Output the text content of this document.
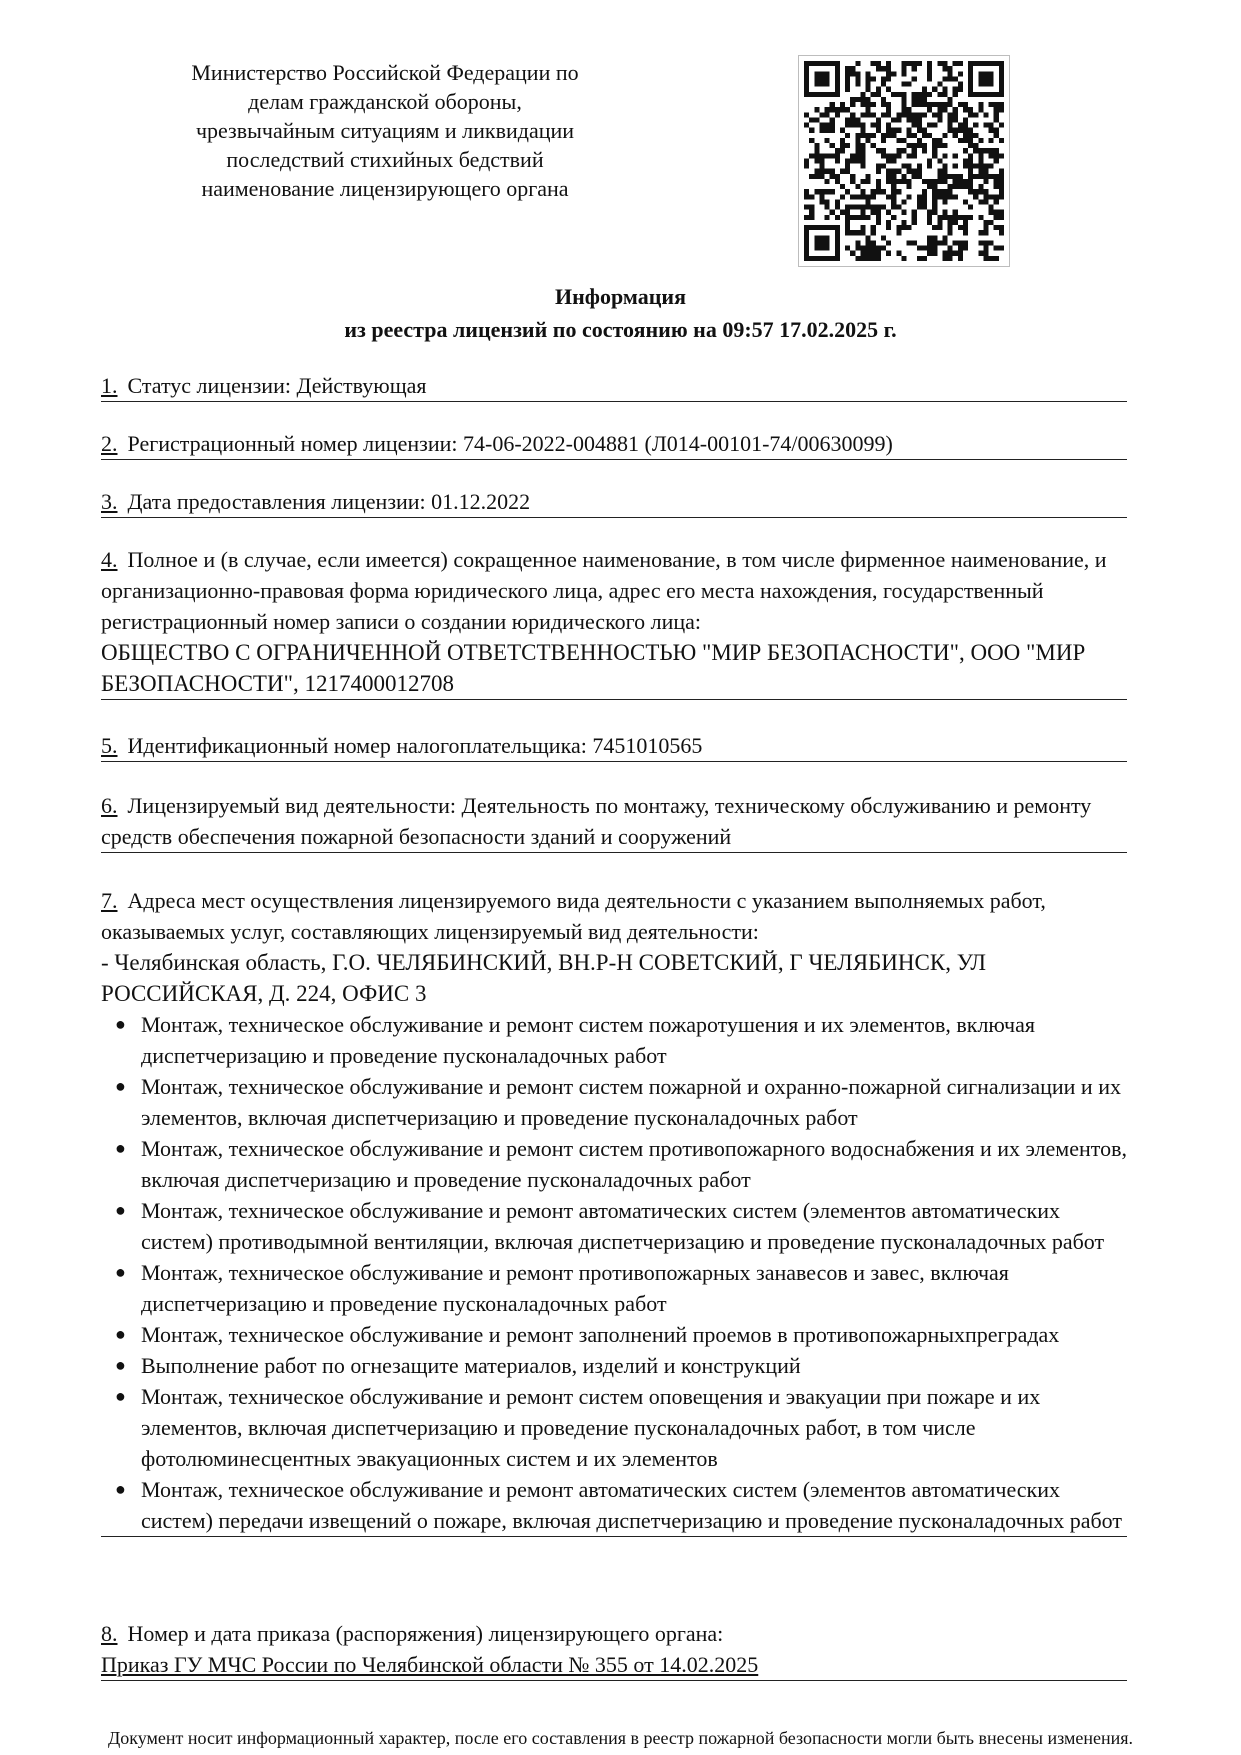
Министерство Российской Федерации по
делам гражданской обороны,
чрезвычайным ситуациям и ликвидации
последствий стихийных бедствий
наименование лицензирующего органа
Информация
из реестра лицензий по состоянию на 09:57 17.02.2025 г.
1. Статус лицензии: Действующая
2. Регистрационный номер лицензии: 74-06-2022-004881 (Л014-00101-74/00630099)
3. Дата предоставления лицензии: 01.12.2022
4. Полное и (в случае, если имеется) сокращенное наименование, в том числе фирменное наименование, и организационно-правовая форма юридического лица, адрес его места нахождения, государственный регистрационный номер записи о создании юридического лица:
ОБЩЕСТВО С ОГРАНИЧЕННОЙ ОТВЕТСТВЕННОСТЬЮ "МИР БЕЗОПАСНОСТИ", ООО "МИР БЕЗОПАСНОСТИ", 1217400012708
5. Идентификационный номер налогоплательщика: 7451010565
6. Лицензируемый вид деятельности: Деятельность по монтажу, техническому обслуживанию и ремонту средств обеспечения пожарной безопасности зданий и сооружений
7. Адреса мест осуществления лицензируемого вида деятельности с указанием выполняемых работ, оказываемых услуг, составляющих лицензируемый вид деятельности:
- Челябинская область, Г.О. ЧЕЛЯБИНСКИЙ, ВН.Р-Н СОВЕТСКИЙ, Г ЧЕЛЯБИНСК, УЛ РОССИЙСКАЯ, Д. 224, ОФИС 3
● Монтаж, техническое обслуживание и ремонт систем пожаротушения и их элементов, включая диспетчеризацию и проведение пусконаладочных работ
● Монтаж, техническое обслуживание и ремонт систем пожарной и охранно-пожарной сигнализации и их элементов, включая диспетчеризацию и проведение пусконаладочных работ
● Монтаж, техническое обслуживание и ремонт систем противопожарного водоснабжения и их элементов, включая диспетчеризацию и проведение пусконаладочных работ
● Монтаж, техническое обслуживание и ремонт автоматических систем (элементов автоматических систем) противодымной вентиляции, включая диспетчеризацию и проведение пусконаладочных работ
● Монтаж, техническое обслуживание и ремонт противопожарных занавесов и завес, включая диспетчеризацию и проведение пусконаладочных работ
● Монтаж, техническое обслуживание и ремонт заполнений проемов в противопожарныхпреградах
● Выполнение работ по огнезащите материалов, изделий и конструкций
● Монтаж, техническое обслуживание и ремонт систем оповещения и эвакуации при пожаре и их элементов, включая диспетчеризацию и проведение пусконаладочных работ, в том числе фотолюминесцентных эвакуационных систем и их элементов
● Монтаж, техническое обслуживание и ремонт автоматических систем (элементов автоматических систем) передачи извещений о пожаре, включая диспетчеризацию и проведение пусконаладочных работ
8. Номер и дата приказа (распоряжения) лицензирующего органа:
Приказ ГУ МЧС России по Челябинской области № 355 от 14.02.2025
Документ носит информационный характер, после его составления в реестр пожарной безопасности могли быть внесены изменения.
